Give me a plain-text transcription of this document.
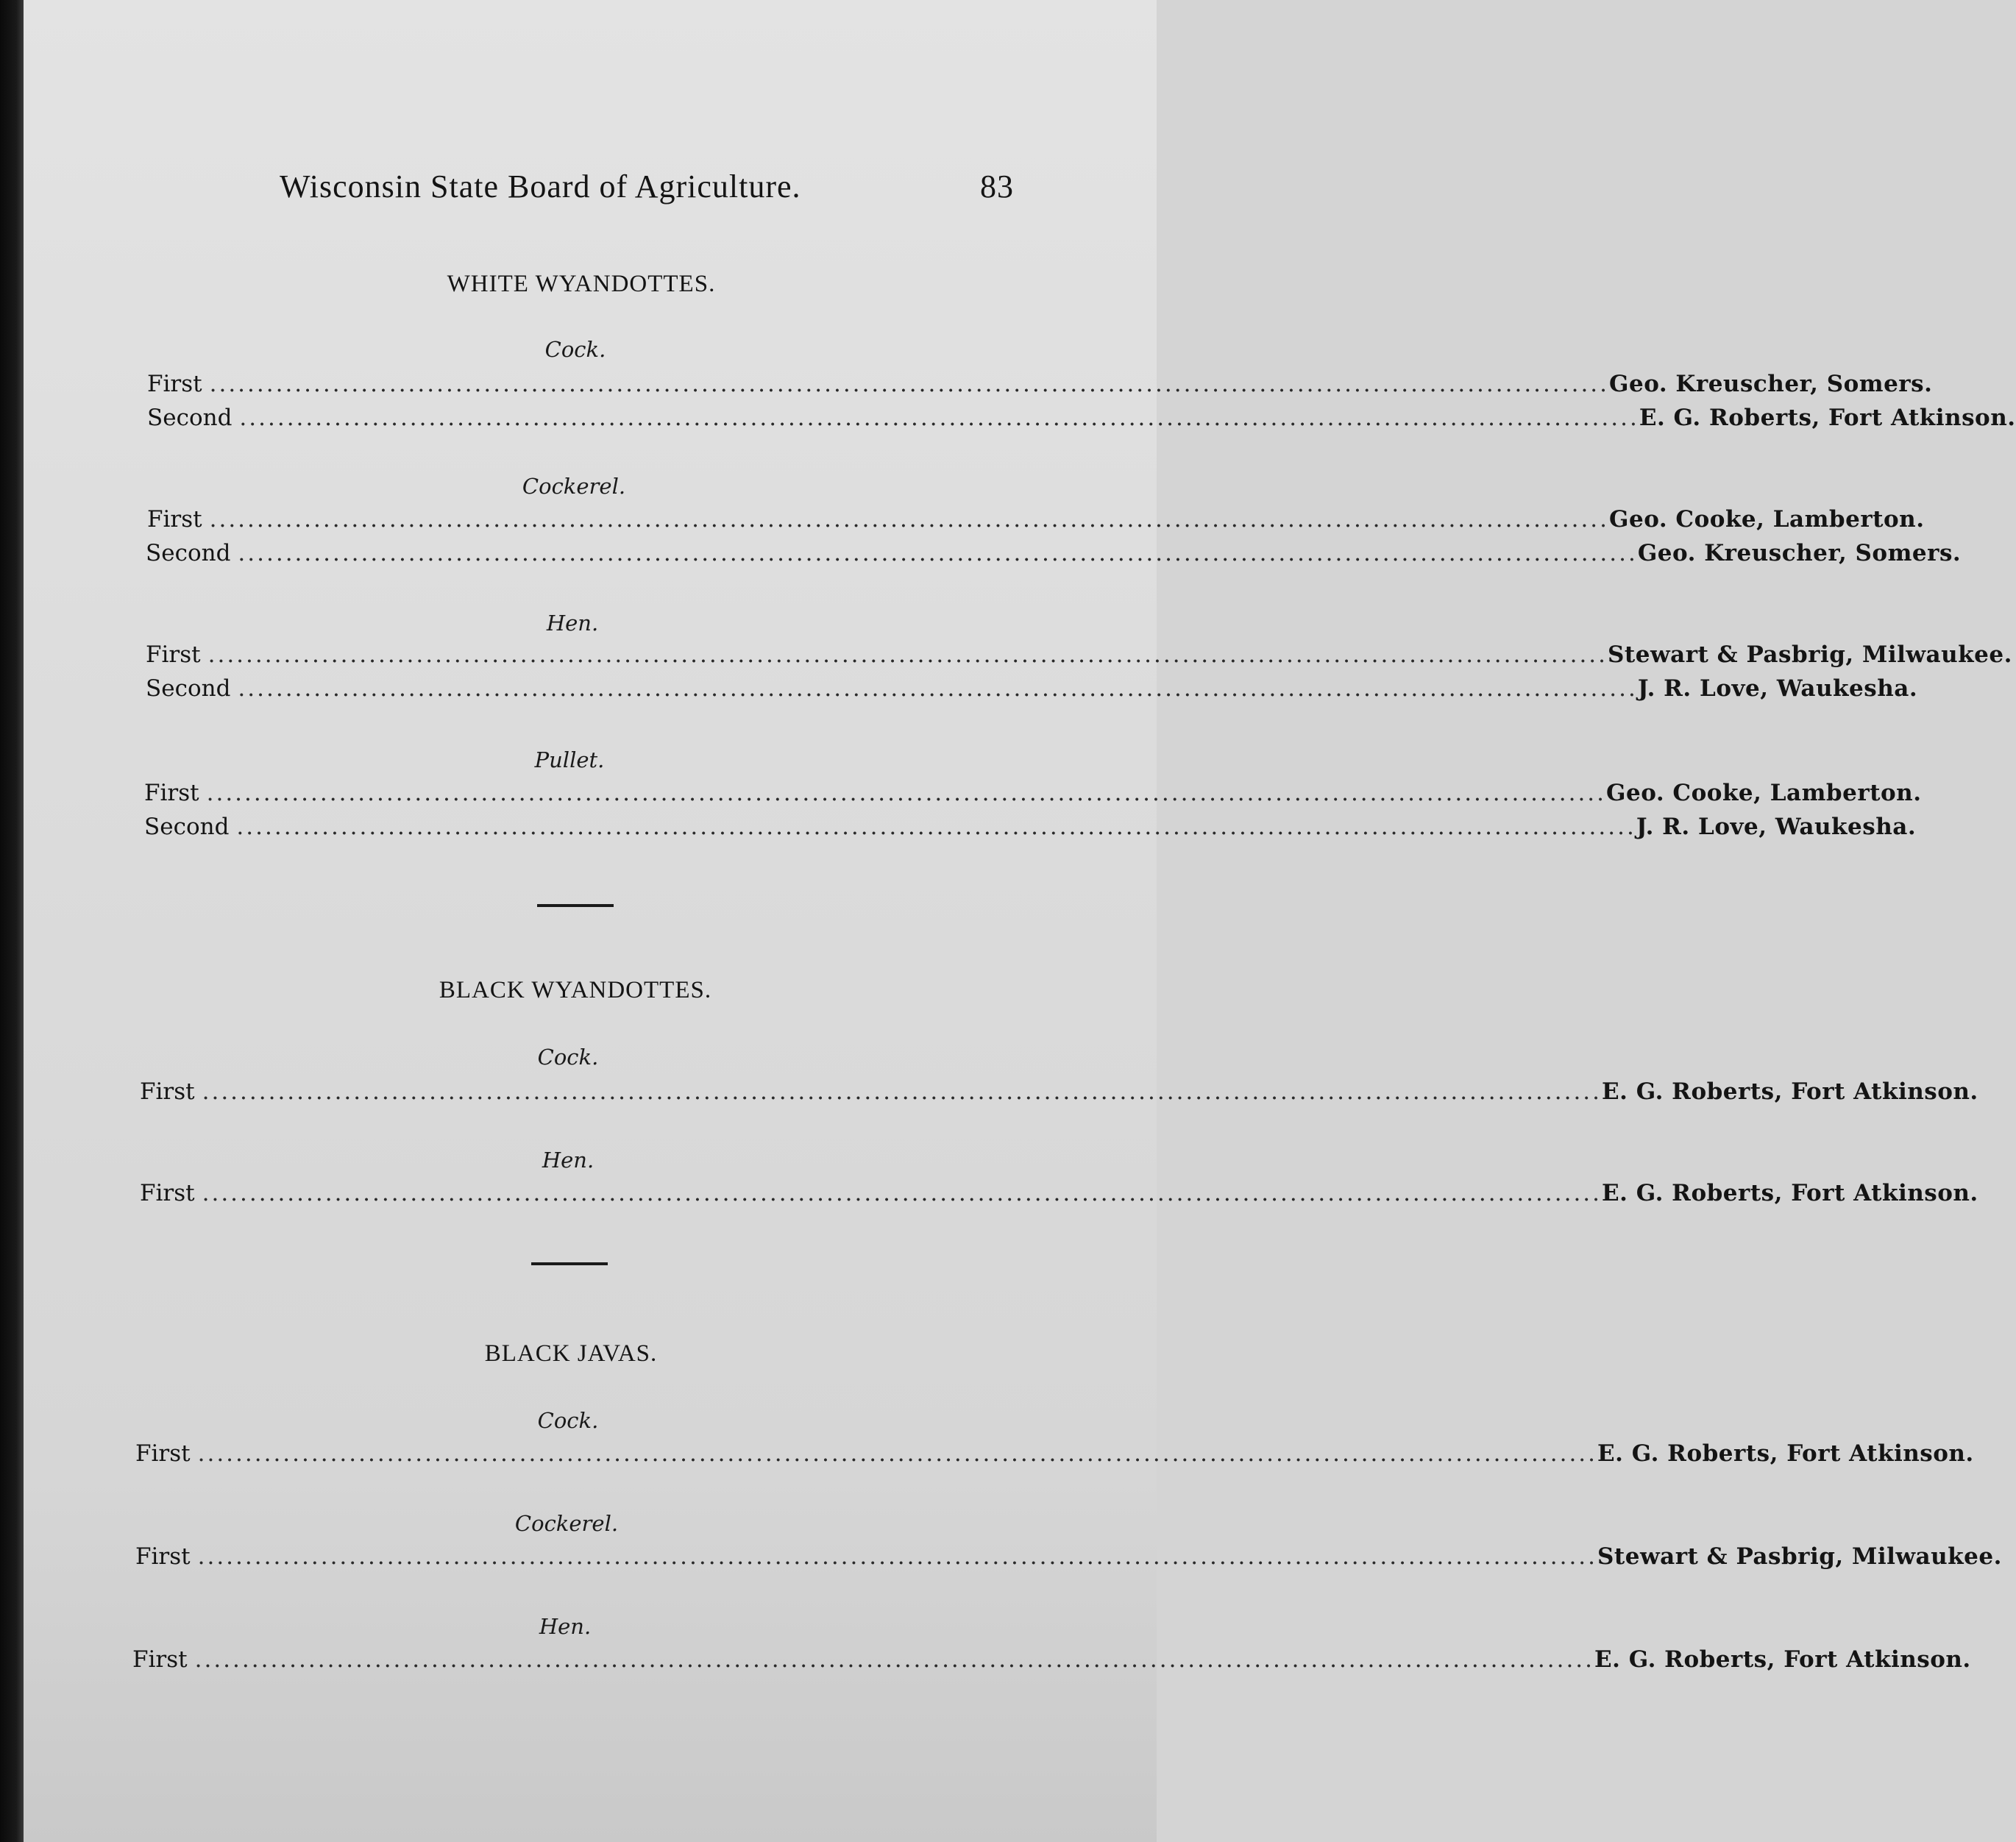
Wisconsin State Board of Agriculture.	83
WHITE WYANDOTTES.
Cock.
First .................................................................................................................................................... Geo. Kreuscher, Somers.
Second .................................................................................................................................................... E. G. Roberts, Fort Atkinson.
Cockerel.
First .................................................................................................................................................... Geo. Cooke, Lamberton.
Second .................................................................................................................................................... Geo. Kreuscher, Somers.
Hen.
First .................................................................................................................................................... Stewart & Pasbrig, Milwaukee.
Second .................................................................................................................................................... J. R. Love, Waukesha.
Pullet.
First .................................................................................................................................................... Geo. Cooke, Lamberton.
Second .................................................................................................................................................... J. R. Love, Waukesha.
BLACK WYANDOTTES.
Cock.
First .................................................................................................................................................... E. G. Roberts, Fort Atkinson.
Hen.
First .................................................................................................................................................... E. G. Roberts, Fort Atkinson.
BLACK JAVAS.
Cock.
First .................................................................................................................................................... E. G. Roberts, Fort Atkinson.
Cockerel.
First .................................................................................................................................................... Stewart & Pasbrig, Milwaukee.
Hen.
First .................................................................................................................................................... E. G. Roberts, Fort Atkinson.
